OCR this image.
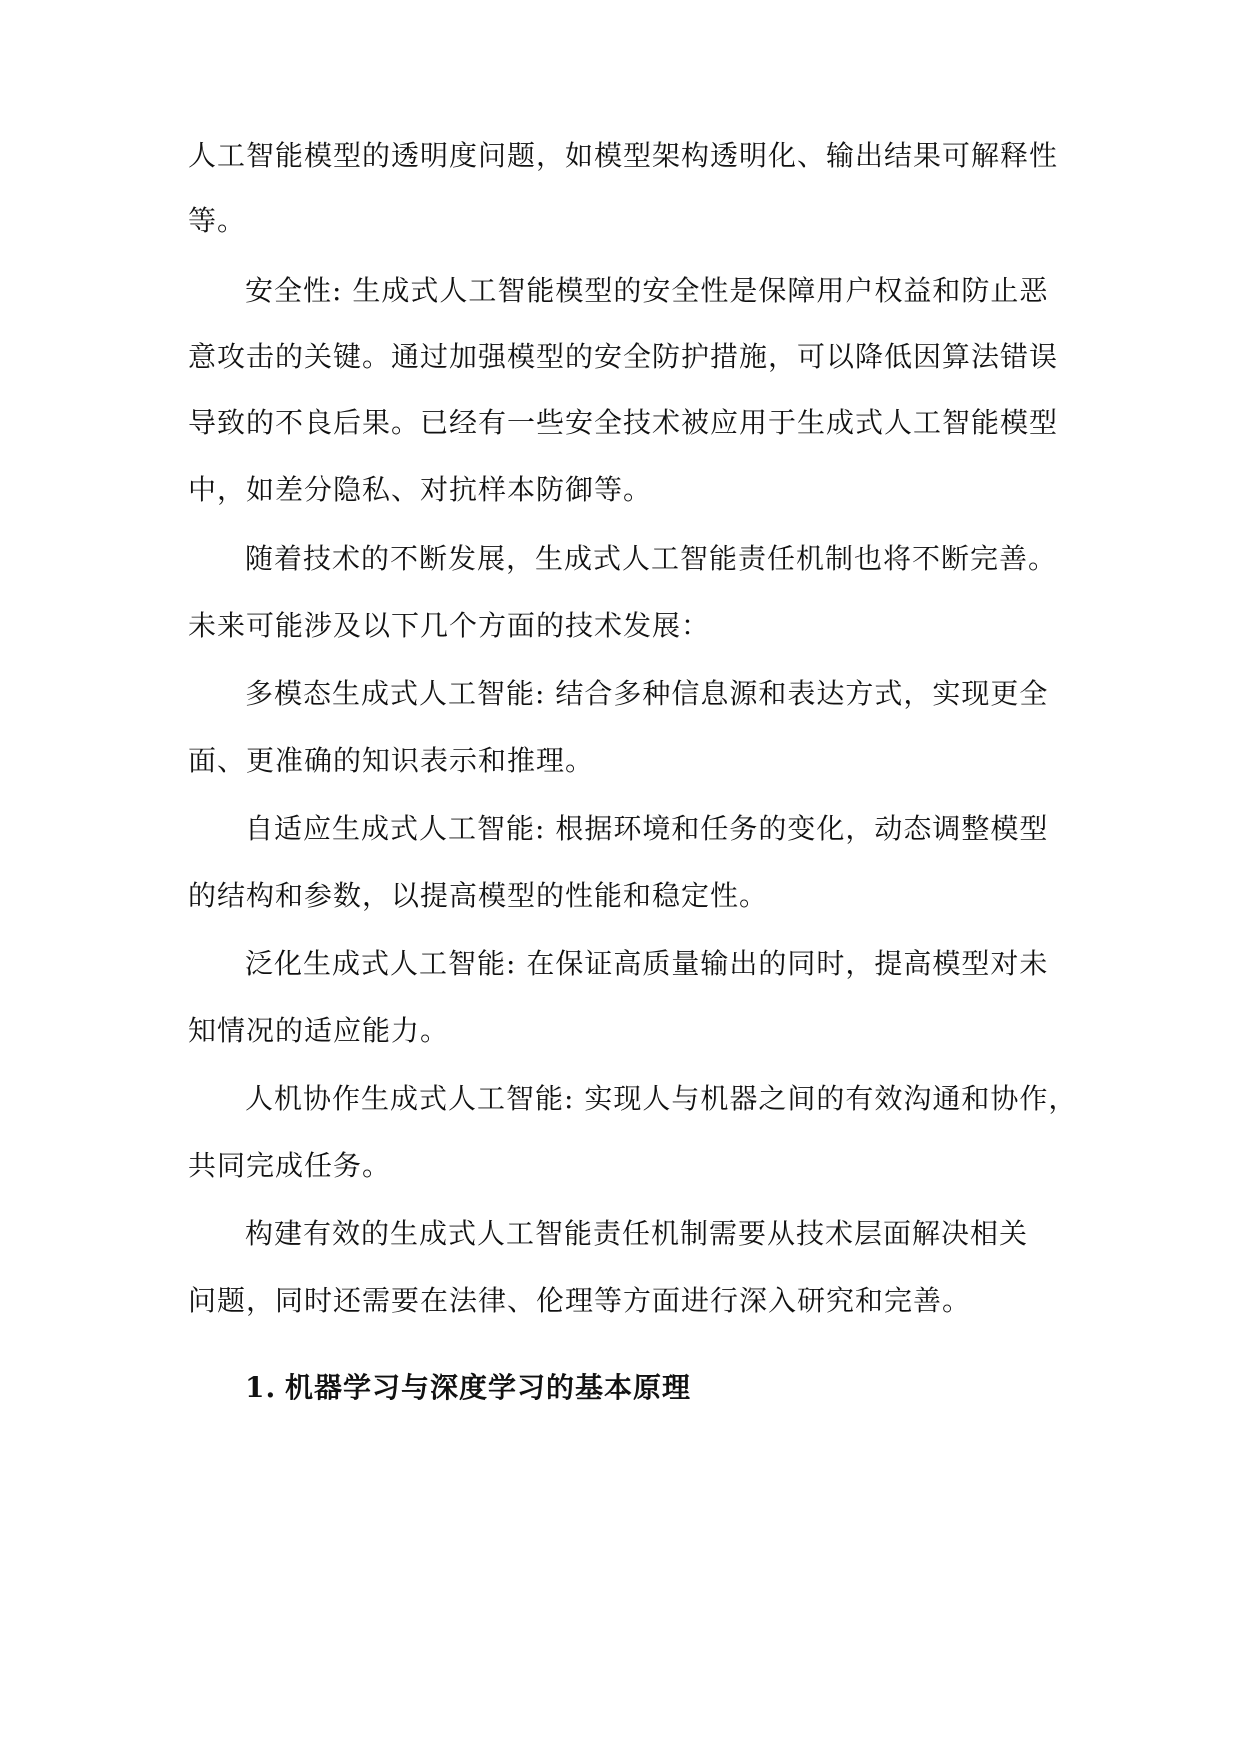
人工智能模型的透明度问题，如模型架构透明化、输出结果可解释性
等。
安全性: 生成式人工智能模型的安全性是保障用户权益和防止恶
意攻击的关键。通过加强模型的安全防护措施，可以降低因算法错误
导致的不良后果。已经有一些安全技术被应用于生成式人工智能模型
中，如差分隐私、对抗样本防御等。
随着技术的不断发展，生成式人工智能责任机制也将不断完善。
未来可能涉及以下几个方面的技术发展：
多模态生成式人工智能: 结合多种信息源和表达方式，实现更全
面、更准确的知识表示和推理。
自适应生成式人工智能: 根据环境和任务的变化，动态调整模型
的结构和参数，以提高模型的性能和稳定性。
泛化生成式人工智能: 在保证高质量输出的同时，提高模型对未
知情况的适应能力。
人机协作生成式人工智能: 实现人与机器之间的有效沟通和协作，
共同完成任务。
构建有效的生成式人工智能责任机制需要从技术层面解决相关
问题，同时还需要在法律、伦理等方面进行深入研究和完善。
1. 机器学习与深度学习的基本原理
